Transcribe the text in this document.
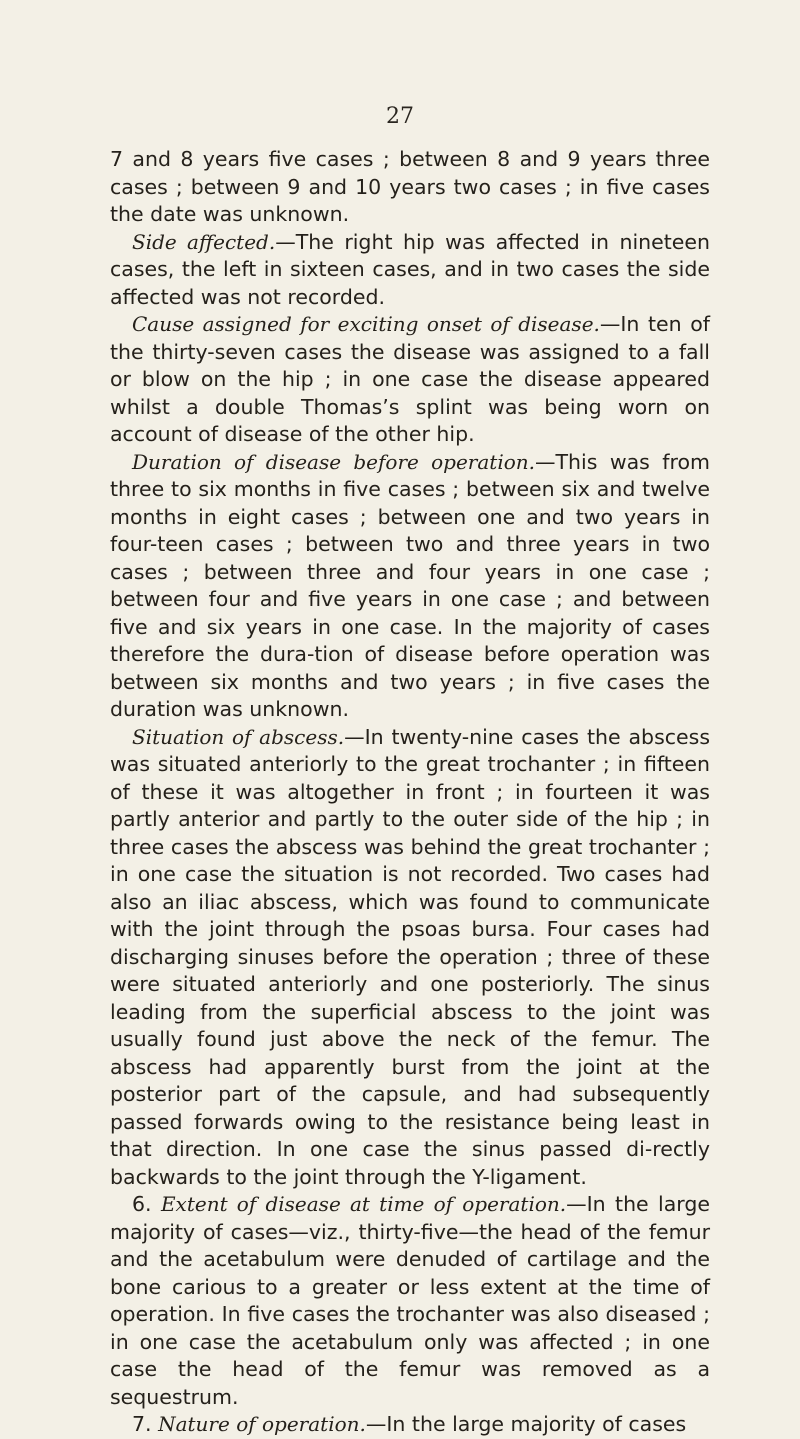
27

7 and 8 years five cases ; between 8 and 9 years three cases ; between 9 and 10 years two cases ; in five cases the date was unknown.

Side affected.—The right hip was affected in nineteen cases, the left in sixteen cases, and in two cases the side affected was not recorded.

Cause assigned for exciting onset of disease.—In ten of the thirty-seven cases the disease was assigned to a fall or blow on the hip ; in one case the disease appeared whilst a double Thomas’s splint was being worn on account of disease of the other hip.

Duration of disease before operation.—This was from three to six months in five cases ; between six and twelve months in eight cases ; between one and two years in four-teen cases ; between two and three years in two cases ; between three and four years in one case ; between four and five years in one case ; and between five and six years in one case. In the majority of cases therefore the dura-tion of disease before operation was between six months and two years ; in five cases the duration was unknown.

Situation of abscess.—In twenty-nine cases the abscess was situated anteriorly to the great trochanter ; in fifteen of these it was altogether in front ; in fourteen it was partly anterior and partly to the outer side of the hip ; in three cases the abscess was behind the great trochanter ; in one case the situation is not recorded. Two cases had also an iliac abscess, which was found to communicate with the joint through the psoas bursa. Four cases had discharging sinuses before the operation ; three of these were situated anteriorly and one posteriorly. The sinus leading from the superficial abscess to the joint was usually found just above the neck of the femur. The abscess had apparently burst from the joint at the posterior part of the capsule, and had subsequently passed forwards owing to the resistance being least in that direction. In one case the sinus passed di-rectly backwards to the joint through the Y-ligament.

6. Extent of disease at time of operation.—In the large majority of cases—viz., thirty-five—the head of the femur and the acetabulum were denuded of cartilage and the bone carious to a greater or less extent at the time of operation. In five cases the trochanter was also diseased ; in one case the acetabulum only was affected ; in one case the head of the femur was removed as a sequestrum.

7. Nature of operation.—In the large majority of cases
